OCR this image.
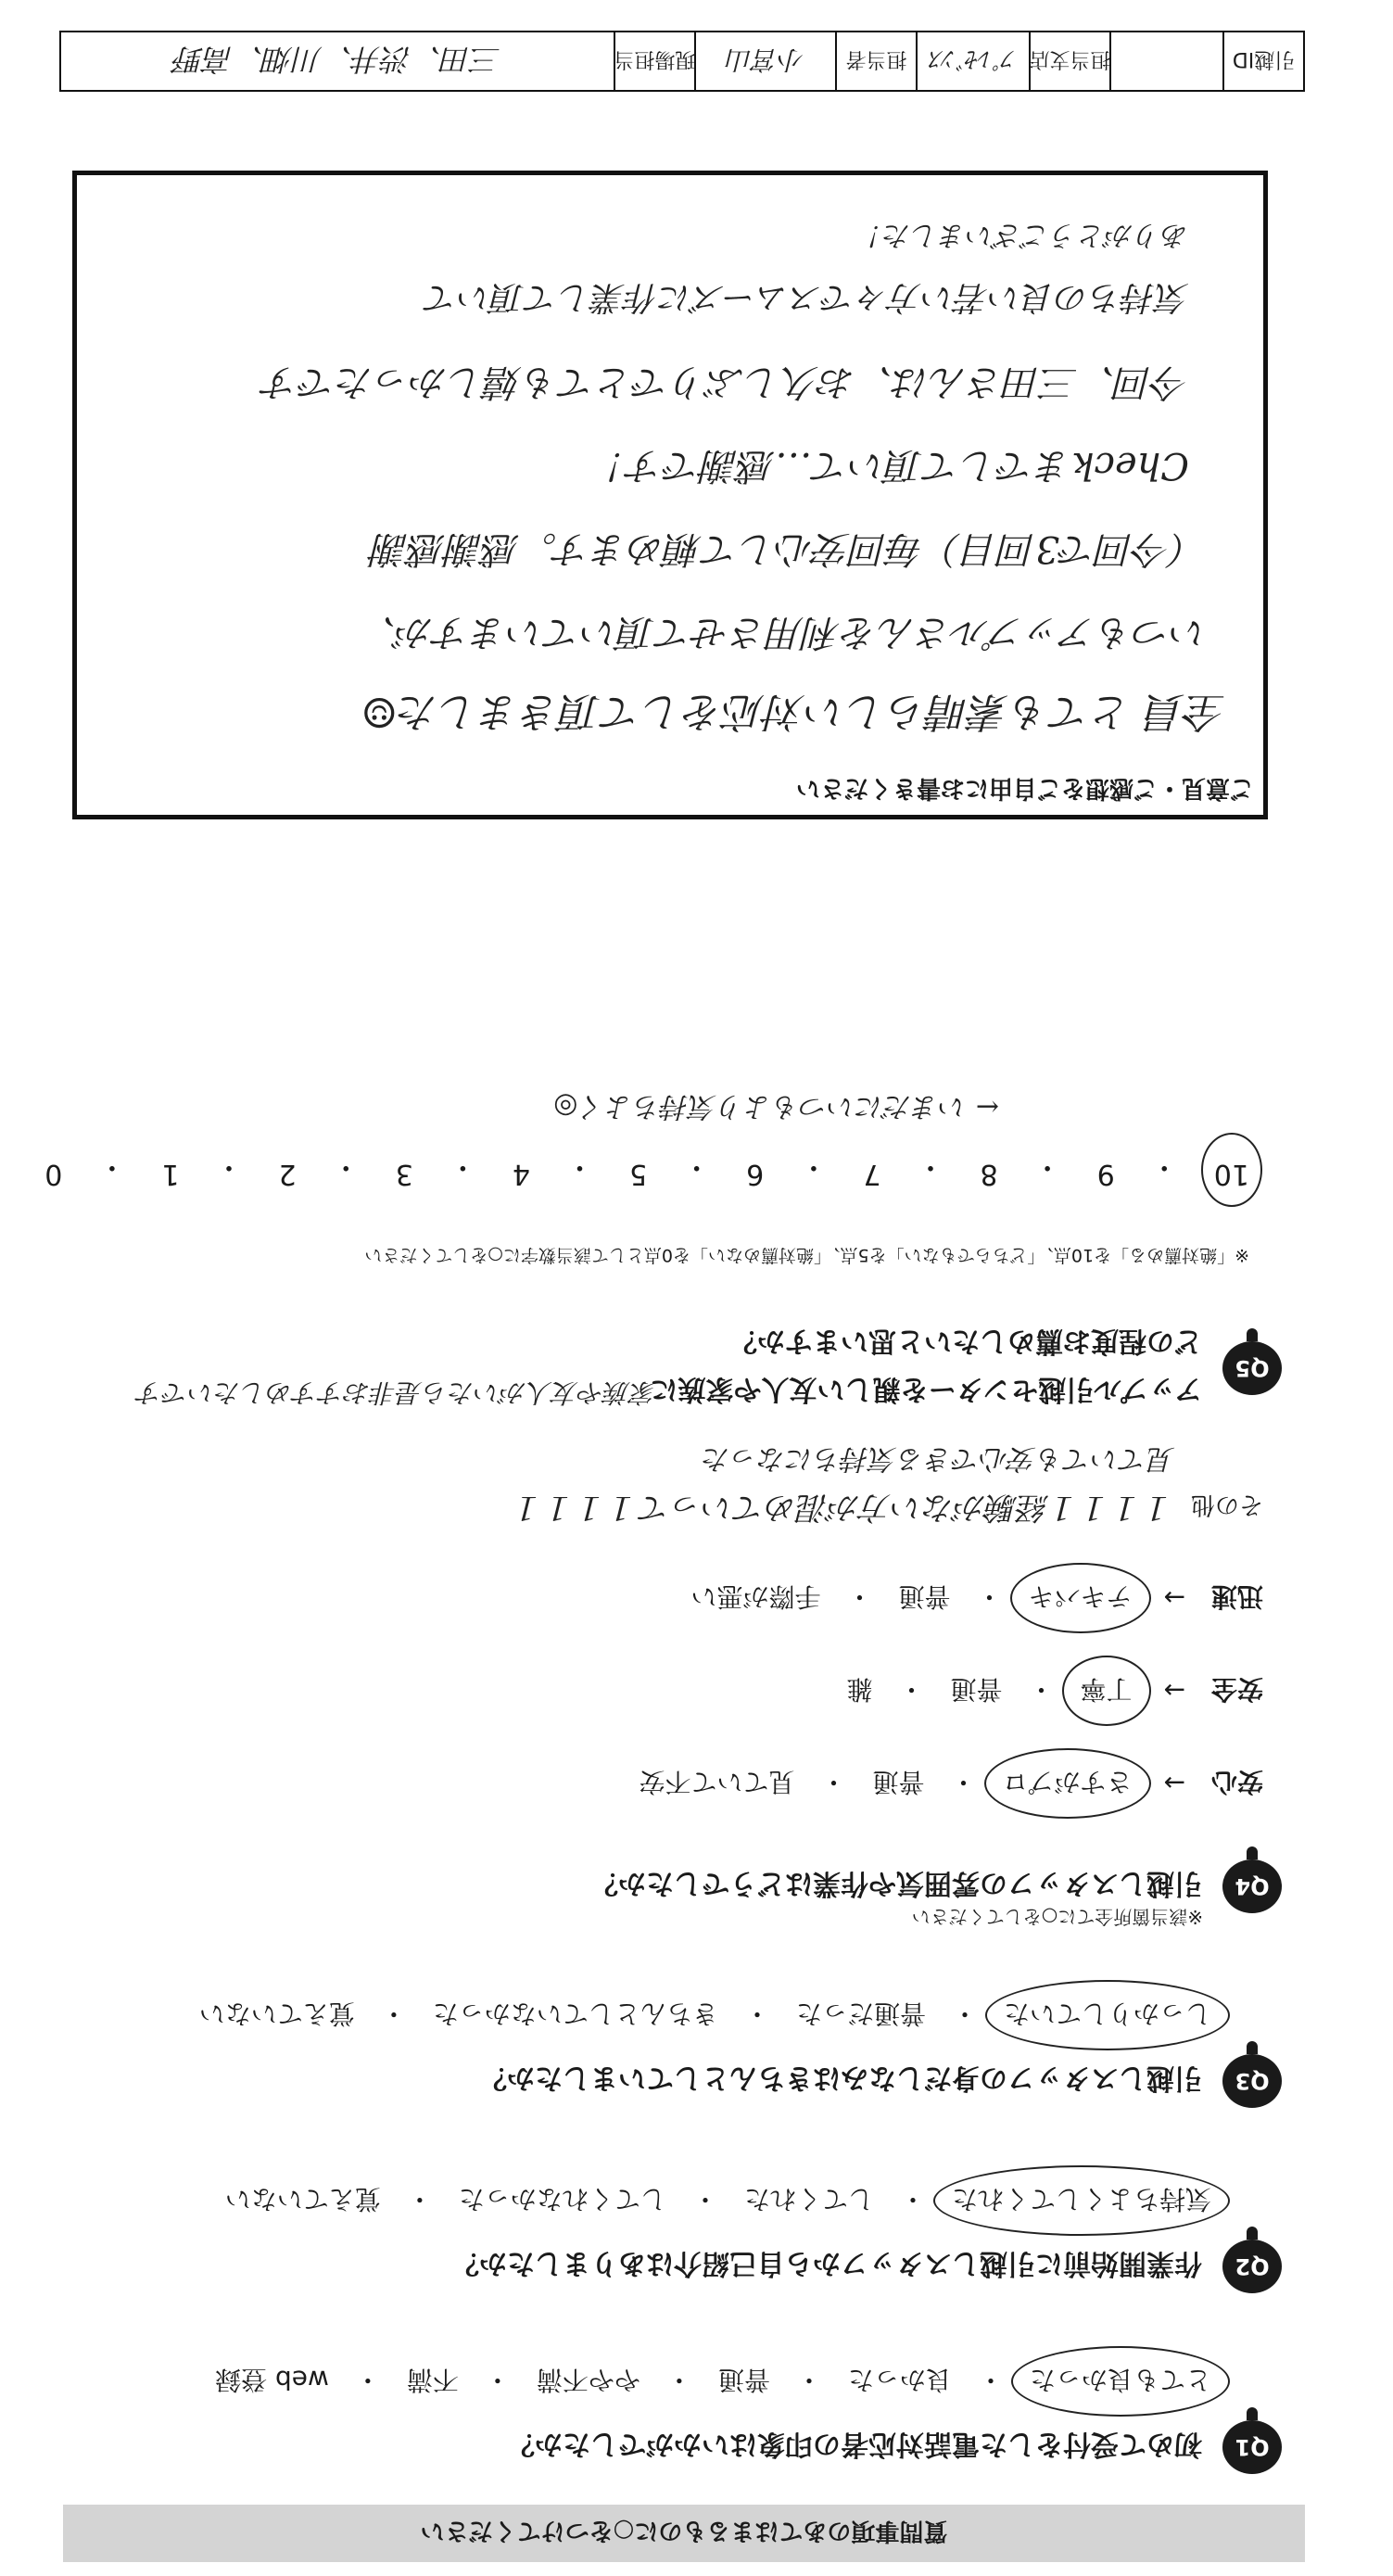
質問事項のあてはまるものに○をつけてください
Q1
初めて受付をした電話対応者の印象はいかがでしたか？
とても良かった
・
良かった
・
普通
・
やや不満
・
不満
・
web 登録
Q2
作業開始前に引越しスタッフから自己紹介はありましたか？
気持ちよくしてくれた
・
してくれた
・
してくれなかった
・
覚えていない
Q3
引越しスタッフの身だしなみはきちんとしていましたか？
しっかりしていた
・
普通だった
・
きちんとしていなかった
・
覚えていない
Q4
引越しスタッフの雰囲気や作業はどうでしたか？
※該当箇所全てに○をしてください
安心
→
さすがプロ
・
普通
・
見ていて不安
安全
→
丁寧
・
普通
・
雑
迅速
→
テキパキ
・
普通
・
手際が悪い
その他
１１１１経験がない方が混めていって１１１１
見ていても安心できる気持ちになった
Q5
アップル引越センターを親しい友人や家族に
どの程度お薦めしたいと思いますか？
家族や友人がいたら是非おすすめしたいです
※「絶対薦める」を10点、「どちらでもない」を5点、「絶対薦めない」を0点として該当数字に○をしてください
10
・
9
・
8
・
7
・
6
・
5
・
4
・
3
・
2
・
1
・
0
← いまだにいつもより気持ちよく◎
ご意見・ご感想をご自由にお書きください
全員 とても素晴らしい対応をして頂きました☺
いつもアップルさんを利用させて頂いていますが、
（今回で3回目）毎回安心して頼めます。感謝感謝
Checkまでして頂いて…感謝です！
今回、三田さんは、お久しぶりでとても嬉しかったです
気持ちの良い若い方々でスムーズに作業して頂いて
ありがとうございました！
引越ID
担当支店
ﾌﾟﾚｾﾞﾝｽ
担当者
小宮山
現場担当
三田、渋井、川畑、高野
